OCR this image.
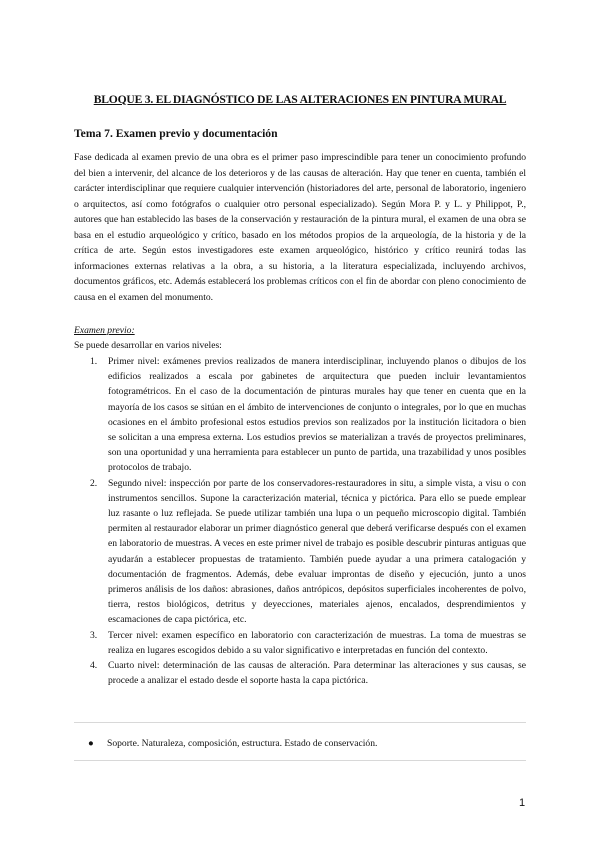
BLOQUE 3. EL DIAGNÓSTICO DE LAS ALTERACIONES EN PINTURA MURAL
Tema 7. Examen previo y documentación

Fase dedicada al examen previo de una obra es el primer paso imprescindible para tener un conocimiento profundo del bien a intervenir, del alcance de los deterioros y de las causas de alteración. Hay que tener en cuenta, también el carácter interdisciplinar que requiere cualquier intervención (historiadores del arte, personal de laboratorio, ingeniero o arquitectos, así como fotógrafos o cualquier otro personal especializado). Según Mora P. y L. y Philippot, P., autores que han establecido las bases de la conservación y restauración de la pintura mural, el examen de una obra se basa en el estudio arqueológico y crítico, basado en los métodos propios de la arqueología, de la historia y de la crítica de arte. Según estos investigadores este examen arqueológico, histórico y crítico reunirá todas las informaciones externas relativas a la obra, a su historia, a la literatura especializada, incluyendo archivos, documentos gráficos, etc. Además establecerá los problemas críticos con el fin de abordar con pleno conocimiento de causa en el examen del monumento.

Examen previo:
Se puede desarrollar en varios niveles:
1. Primer nivel: exámenes previos realizados de manera interdisciplinar, incluyendo planos o dibujos de los edificios realizados a escala por gabinetes de arquitectura que pueden incluir levantamientos fotogramétricos. En el caso de la documentación de pinturas murales hay que tener en cuenta que en la mayoría de los casos se sitúan en el ámbito de intervenciones de conjunto o integrales, por lo que en muchas ocasiones en el ámbito profesional estos estudios previos son realizados por la institución licitadora o bien se solicitan a una empresa externa. Los estudios previos se materializan a través de proyectos preliminares, son una oportunidad y una herramienta para establecer un punto de partida, una trazabilidad y unos posibles protocolos de trabajo.
2. Segundo nivel: inspección por parte de los conservadores-restauradores in situ, a simple vista, a visu o con instrumentos sencillos. Supone la caracterización material, técnica y pictórica. Para ello se puede emplear luz rasante o luz reflejada. Se puede utilizar también una lupa o un pequeño microscopio digital. También permiten al restaurador elaborar un primer diagnóstico general que deberá verificarse después con el examen en laboratorio de muestras. A veces en este primer nivel de trabajo es posible descubrir pinturas antiguas que ayudarán a establecer propuestas de tratamiento. También puede ayudar a una primera catalogación y documentación de fragmentos. Además, debe evaluar improntas de diseño y ejecución, junto a unos primeros análisis de los daños: abrasiones, daños antrópicos, depósitos superficiales incoherentes de polvo, tierra, restos biológicos, detritus y deyecciones, materiales ajenos, encalados, desprendimientos y escamaciones de capa pictórica, etc.
3. Tercer nivel: examen específico en laboratorio con caracterización de muestras. La toma de muestras se realiza en lugares escogidos debido a su valor significativo e interpretadas en función del contexto.
4. Cuarto nivel: determinación de las causas de alteración. Para determinar las alteraciones y sus causas, se procede a analizar el estado desde el soporte hasta la capa pictórica.
● Soporte. Naturaleza, composición, estructura. Estado de conservación.
1
